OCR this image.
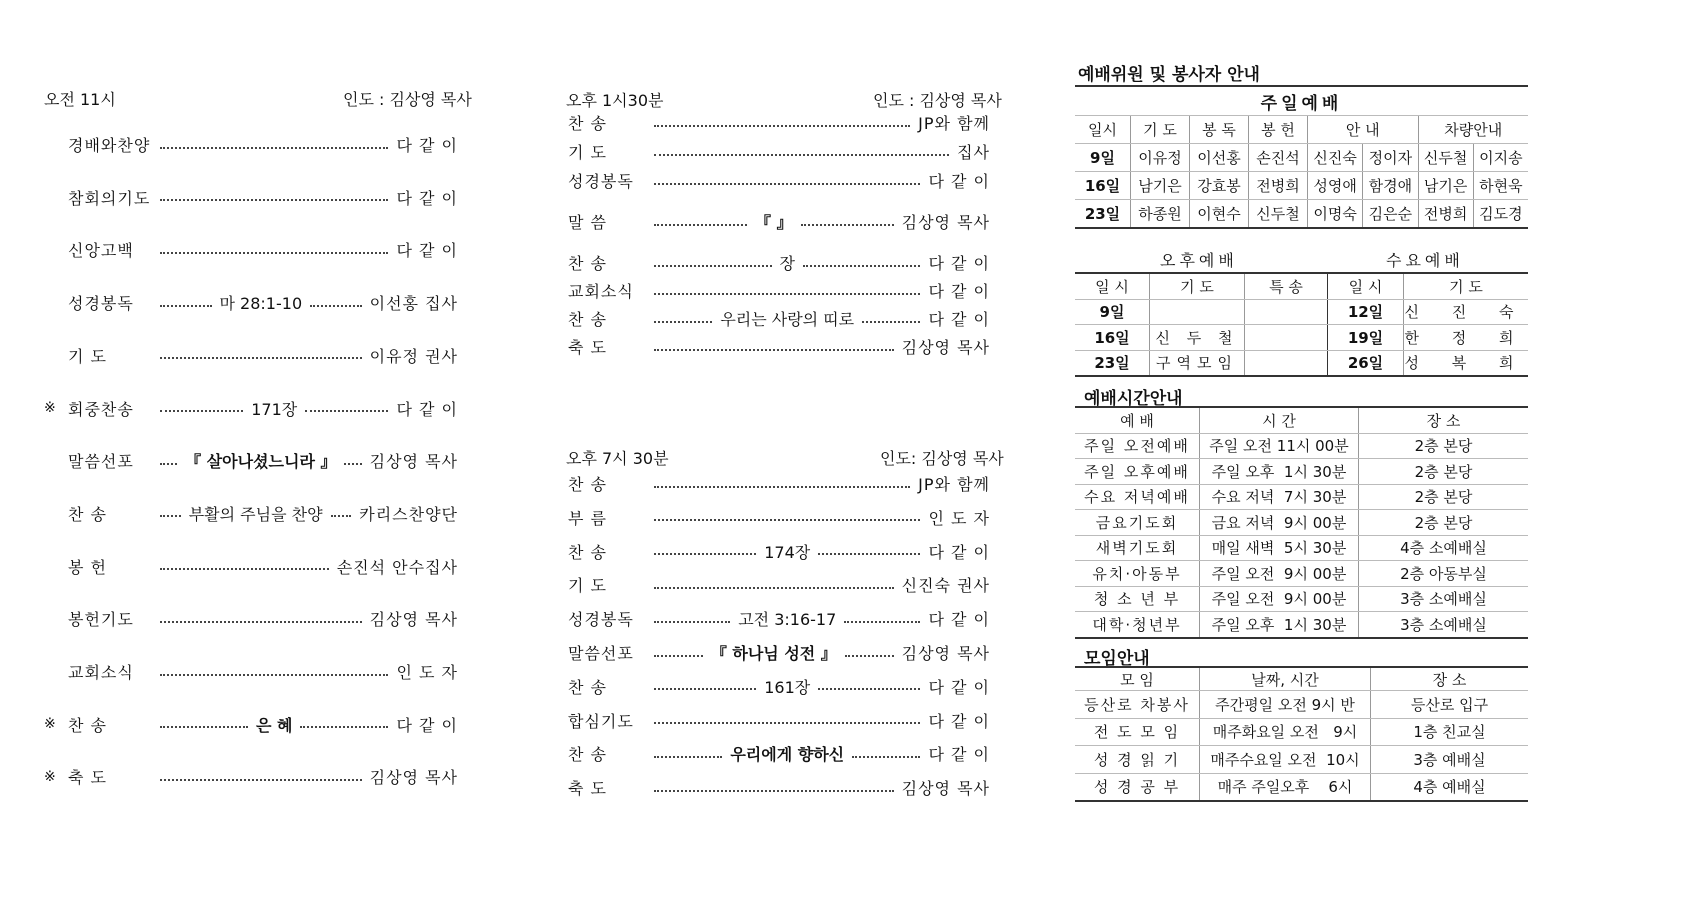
오전 11시	인도 : 김상영 목사
경배와찬양	다 같 이
참회의기도	다 같 이
신앙고백	다 같 이
성경봉독	마 28:1-10	이선홍 집사
기 도	이유정 권사
※ 회중찬송	171장	다 같 이
말씀선포	『 살아나셨느니라 』 김상영 목사
찬 송	부활의 주님을 찬양 카리스찬양단
봉 헌	손진석 안수집사
봉헌기도	김상영 목사
교회소식	인 도 자
※ 찬 송	은 혜	다 같 이
※ 축 도	김상영 목사
오후 1시30분	인도 : 김상영 목사
찬 송	JP와 함께
기 도	집사
성경봉독	다 같 이
말 씀	『 』	김상영 목사
찬 송	장	다 같 이
교회소식	다 같 이
찬 송	우리는 사랑의 띠로	다 같 이
축 도	김상영 목사
오후 7시 30분	인도: 김상영 목사
찬 송	JP와 함께
부 름	인 도 자
찬 송	174장	다 같 이
기 도	신진숙 권사
성경봉독	고전 3:16-17	다 같 이
말씀선포	『 하나님 성전 』	김상영 목사
찬 송	161장	다 같 이
합심기도	다 같 이
찬 송	우리에게 향하신	다 같 이
축 도	김상영 목사
예배위원 및 봉사자 안내
주일예배							
일시	기 도	봉 독	봉 헌	안 내		차량안내	
9일	이유정	이선홍	손진석	신진숙	정이자	신두철	이지송
16일	남기은	강효봉	전병희	성영애	함경애	남기은	하현욱
23일	하종원	이현수	신두철	이명숙	김은순	전병희	김도경
오후예배	수요예배
일 시	기 도	특 송	일 시	기 도
9일			12일	신 진 숙
16일	신 두 철		19일	한 정 희
23일	구역모임		26일	성 복 희
예배시간안내
예 배	시 간	장 소
주일 오전예배	주일 오전 11시 00분	2층 본당
주일 오후예배	주일 오후  1시 30분	2층 본당
수요 저녁예배	수요 저녁  7시 30분	2층 본당
금요기도회	금요 저녁  9시 00분	2층 본당
새벽기도회	매일 새벽  5시 30분	4층 소예배실
유치·아동부	주일 오전  9시 00분	2층 아동부실
청 소 년 부	주일 오전  9시 00분	3층 소예배실
대학·청년부	주일 오후  1시 30분	3층 소예배실
모임안내
모 임	날짜, 시간	장 소
등산로 차봉사	주간평일 오전 9시 반	등산로 입구
전 도 모 임	매주화요일 오전   9시	1층 친교실
성 경 읽 기	매주수요일 오전  10시	3층 예배실
성 경 공 부	매주 주일오후    6시	4층 예배실
